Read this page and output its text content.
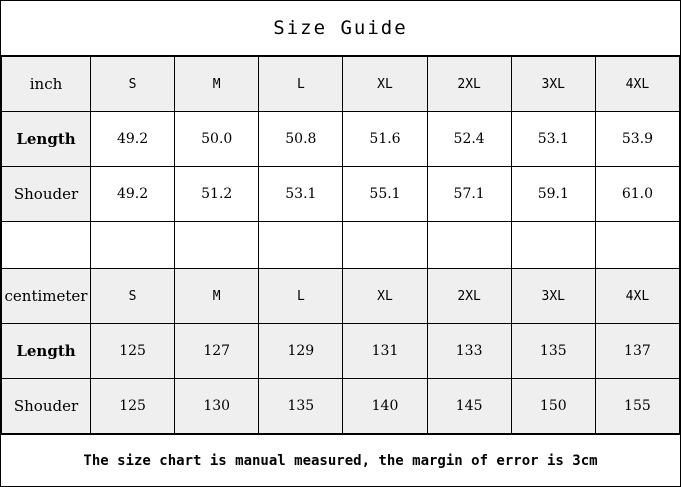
Size Guide
inch	S	M	L	XL	2XL	3XL	4XL
Length	49.2	50.0	50.8	51.6	52.4	53.1	53.9
Shouder	49.2	51.2	53.1	55.1	57.1	59.1	61.0

centimeter	S	M	L	XL	2XL	3XL	4XL
Length	125	127	129	131	133	135	137
Shouder	125	130	135	140	145	150	155
The size chart is manual measured, the margin of error is 3cm
